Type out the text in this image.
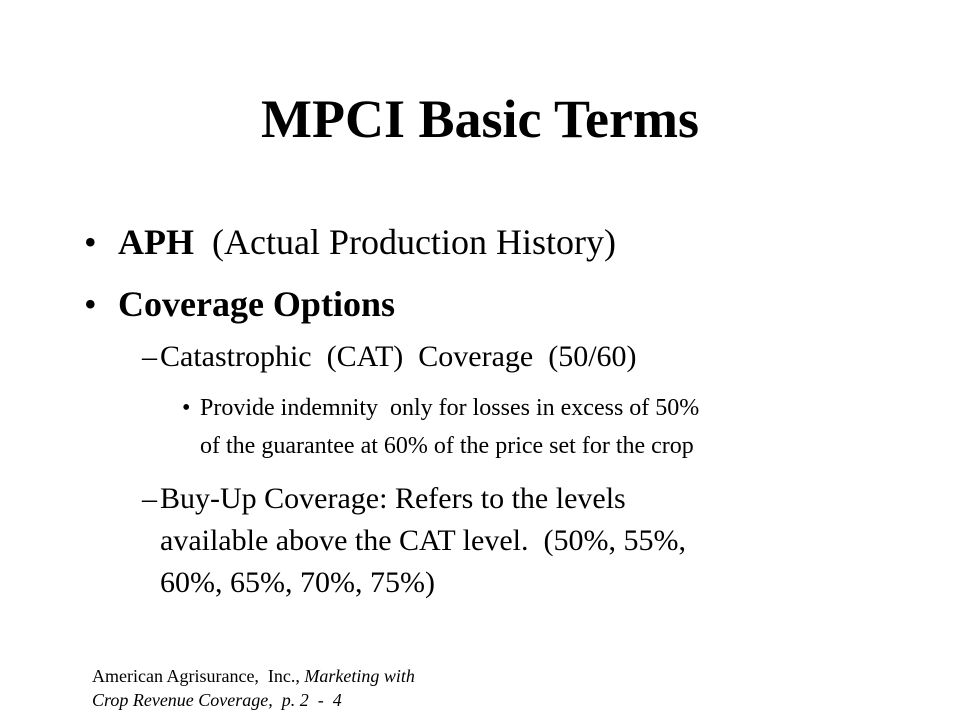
MPCI Basic Terms
• APH  (Actual Production History)
• Coverage Options
– Catastrophic  (CAT)  Coverage  (50/60)
• Provide indemnity  only for losses in excess of 50%
of the guarantee at 60% of the price set for the crop
– Buy-Up Coverage: Refers to the levels
available above the CAT level.  (50%, 55%,
60%, 65%, 70%, 75%)
American Agrisurance,  Inc., Marketing with
Crop Revenue Coverage,  p. 2  -  4
